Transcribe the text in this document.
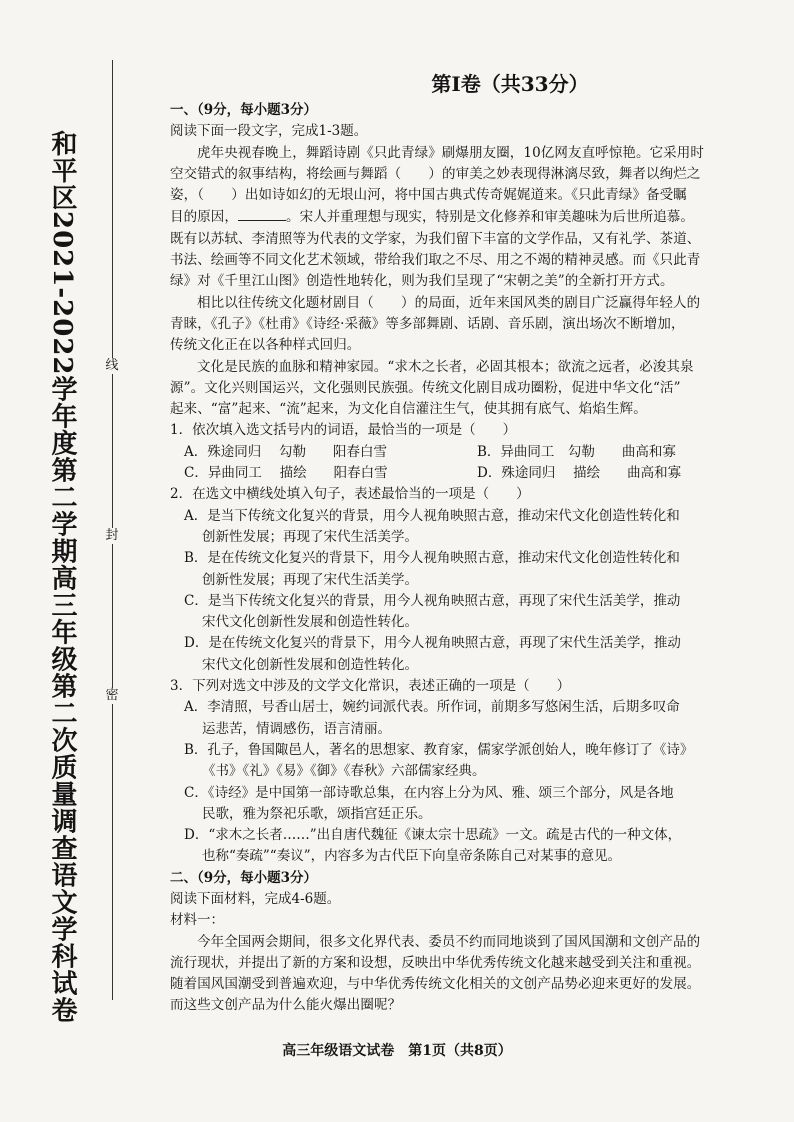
和平区2021-2022学年度第二学期高三年级第二次质量调查语文学科试卷	线
封
密
第Ⅰ卷（共33分）
一、（9分，每小题3分）
阅读下面一段文字，完成1-3题。
虎年央视春晚上，舞蹈诗剧《只此青绿》刷爆朋友圈，10亿网友直呼惊艳。它采用时
空交错式的叙事结构，将绘画与舞蹈（　　）的审美之妙表现得淋漓尽致，舞者以绚烂之
姿，（　　）出如诗如幻的无垠山河，将中国古典式传奇娓娓道来。《只此青绿》备受瞩
目的原因，	。宋人并重理想与现实，特别是文化修养和审美趣味为后世所追慕。
既有以苏轼、李清照等为代表的文学家，为我们留下丰富的文学作品，又有礼学、茶道、
书法、绘画等不同文化艺术领域，带给我们取之不尽、用之不竭的精神灵感。而《只此青
绿》对《千里江山图》创造性地转化，则为我们呈现了“宋朝之美”的全新打开方式。
相比以往传统文化题材剧目（　　）的局面，近年来国风类的剧目广泛赢得年轻人的
青睐，《孔子》《杜甫》《诗经·采薇》等多部舞剧、话剧、音乐剧，演出场次不断增加，
传统文化正在以各种样式回归。
文化是民族的血脉和精神家园。“求木之长者，必固其根本；欲流之远者，必浚其泉
源”。文化兴则国运兴，文化强则民族强。传统文化剧目成功圈粉，促进中华文化“活”
起来、“富”起来、“流”起来，为文化自信灌注生气，使其拥有底气、焰焰生辉。
1．依次填入选文括号内的词语，最恰当的一项是（　　）
A．殊途同归　 勾勒　　阳春白雪	B．异曲同工　勾勒　　曲高和寡
C．异曲同工　 描绘　　阳春白雪	D．殊途同归　 描绘　　曲高和寡
2．在选文中横线处填入句子，表述最恰当的一项是（　　）
A．是当下传统文化复兴的背景，用今人视角映照古意，推动宋代文化创造性转化和
创新性发展；再现了宋代生活美学。
B．是在传统文化复兴的背景下，用今人视角映照古意，推动宋代文化创造性转化和
创新性发展；再现了宋代生活美学。
C．是当下传统文化复兴的背景，用今人视角映照古意，再现了宋代生活美学，推动
宋代文化创新性发展和创造性转化。
D．是在传统文化复兴的背景下，用今人视角映照古意，再现了宋代生活美学，推动
宋代文化创新性发展和创造性转化。
3．下列对选文中涉及的文学文化常识，表述正确的一项是（　　）
A．李清照，号香山居士，婉约词派代表。所作词，前期多写悠闲生活，后期多叹命
运悲苦，情调感伤，语言清丽。
B．孔子，鲁国陬邑人，著名的思想家、教育家，儒家学派创始人，晚年修订了《诗》
《书》《礼》《易》《御》《春秋》六部儒家经典。
C．《诗经》是中国第一部诗歌总集，在内容上分为风、雅、颂三个部分，风是各地
民歌，雅为祭祀乐歌，颂指宫廷正乐。
D．“求木之长者……”出自唐代魏征《谏太宗十思疏》一文。疏是古代的一种文体，
也称“奏疏”“奏议”，内容多为古代臣下向皇帝条陈自己对某事的意见。
二、（9分，每小题3分）
阅读下面材料，完成4-6题。
材料一：
今年全国两会期间，很多文化界代表、委员不约而同地谈到了国风国潮和文创产品的
流行现状，并提出了新的方案和设想，反映出中华优秀传统文化越来越受到关注和重视。
随着国风国潮受到普遍欢迎，与中华优秀传统文化相关的文创产品势必迎来更好的发展。
而这些文创产品为什么能火爆出圈呢？
高三年级语文试卷　第1页（共8页）
